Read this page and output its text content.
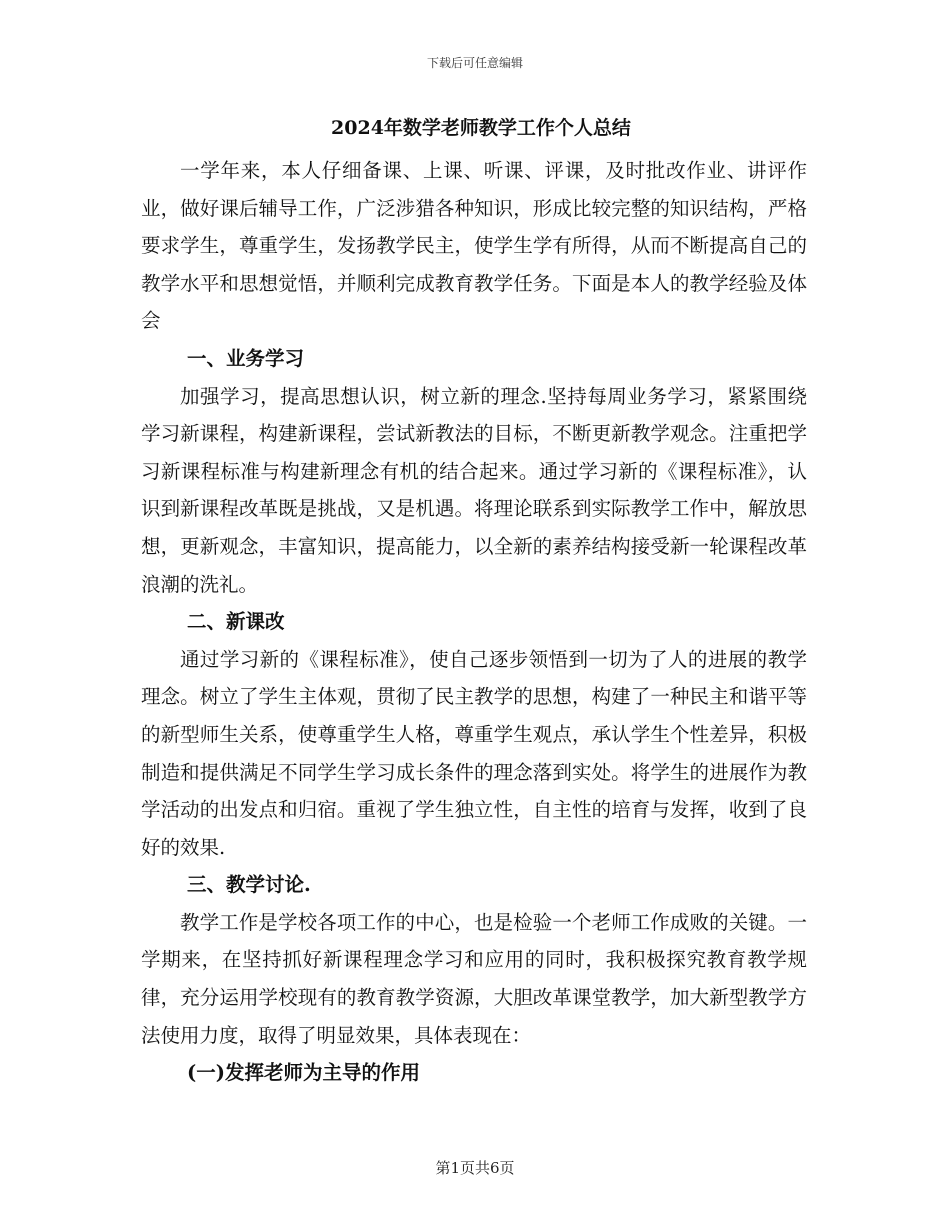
下载后可任意编辑
2024年数学老师教学工作个人总结

一学年来，本人仔细备课、上课、听课、评课，及时批改作业、讲评作业，做好课后辅导工作，广泛涉猎各种知识，形成比较完整的知识结构，严格要求学生，尊重学生，发扬教学民主，使学生学有所得，从而不断提高自己的教学水平和思想觉悟，并顺利完成教育教学任务。下面是本人的教学经验及体会

一、业务学习

加强学习，提高思想认识，树立新的理念.坚持每周业务学习，紧紧围绕学习新课程，构建新课程，尝试新教法的目标，不断更新教学观念。注重把学习新课程标准与构建新理念有机的结合起来。通过学习新的《课程标准》，认识到新课程改革既是挑战，又是机遇。将理论联系到实际教学工作中，解放思想，更新观念，丰富知识，提高能力，以全新的素养结构接受新一轮课程改革浪潮的洗礼。

二、新课改

通过学习新的《课程标准》，使自己逐步领悟到一切为了人的进展的教学理念。树立了学生主体观，贯彻了民主教学的思想，构建了一种民主和谐平等的新型师生关系，使尊重学生人格，尊重学生观点，承认学生个性差异，积极制造和提供满足不同学生学习成长条件的理念落到实处。将学生的进展作为教学活动的出发点和归宿。重视了学生独立性，自主性的培育与发挥，收到了良好的效果.

三、教学讨论.

教学工作是学校各项工作的中心，也是检验一个老师工作成败的关键。一学期来，在坚持抓好新课程理念学习和应用的同时，我积极探究教育教学规律，充分运用学校现有的教育教学资源，大胆改革课堂教学，加大新型教学方法使用力度，取得了明显效果，具体表现在：

(一)发挥老师为主导的作用
第1页共6页
